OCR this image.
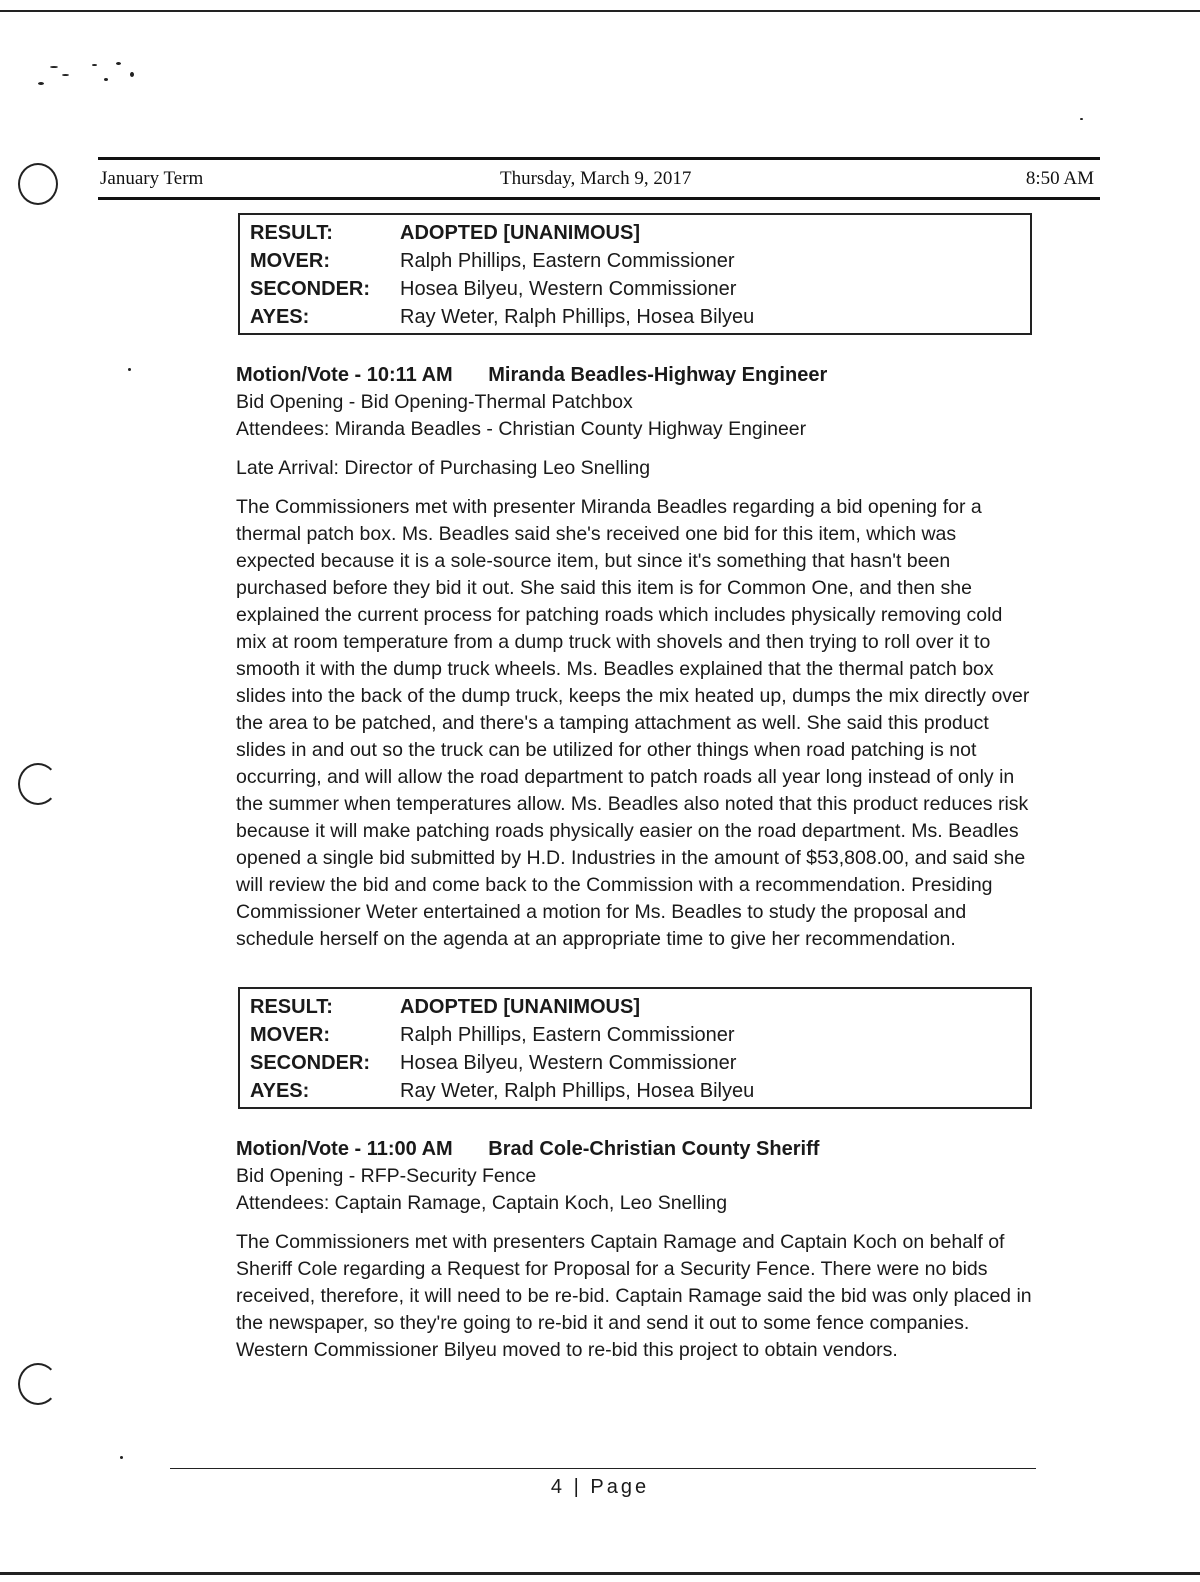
January Term	Thursday, March 9, 2017	8:50 AM
RESULT:	ADOPTED [UNANIMOUS]
MOVER:	Ralph Phillips, Eastern Commissioner
SECONDER:	Hosea Bilyeu, Western Commissioner
AYES:	Ray Weter, Ralph Phillips, Hosea Bilyeu
Motion/Vote - 10:11 AM Miranda Beadles-Highway Engineer
Bid Opening - Bid Opening-Thermal Patchbox
Attendees: Miranda Beadles - Christian County Highway Engineer
Late Arrival: Director of Purchasing Leo Snelling

The Commissioners met with presenter Miranda Beadles regarding a bid opening for a thermal patch box. Ms. Beadles said she's received one bid for this item, which was expected because it is a sole-source item, but since it's something that hasn't been purchased before they bid it out. She said this item is for Common One, and then she explained the current process for patching roads which includes physically removing cold mix at room temperature from a dump truck with shovels and then trying to roll over it to smooth it with the dump truck wheels. Ms. Beadles explained that the thermal patch box slides into the back of the dump truck, keeps the mix heated up, dumps the mix directly over the area to be patched, and there's a tamping attachment as well. She said this product slides in and out so the truck can be utilized for other things when road patching is not occurring, and will allow the road department to patch roads all year long instead of only in the summer when temperatures allow. Ms. Beadles also noted that this product reduces risk because it will make patching roads physically easier on the road department. Ms. Beadles opened a single bid submitted by H.D. Industries in the amount of $53,808.00, and said she will review the bid and come back to the Commission with a recommendation. Presiding Commissioner Weter entertained a motion for Ms. Beadles to study the proposal and schedule herself on the agenda at an appropriate time to give her recommendation.

RESULT:	ADOPTED [UNANIMOUS]
MOVER:	Ralph Phillips, Eastern Commissioner
SECONDER:	Hosea Bilyeu, Western Commissioner
AYES:	Ray Weter, Ralph Phillips, Hosea Bilyeu
Motion/Vote - 11:00 AM Brad Cole-Christian County Sheriff
Bid Opening - RFP-Security Fence
Attendees: Captain Ramage, Captain Koch, Leo Snelling

The Commissioners met with presenters Captain Ramage and Captain Koch on behalf of Sheriff Cole regarding a Request for Proposal for a Security Fence. There were no bids received, therefore, it will need to be re-bid. Captain Ramage said the bid was only placed in the newspaper, so they're going to re-bid it and send it out to some fence companies. Western Commissioner Bilyeu moved to re-bid this project to obtain vendors.

4 | Page
